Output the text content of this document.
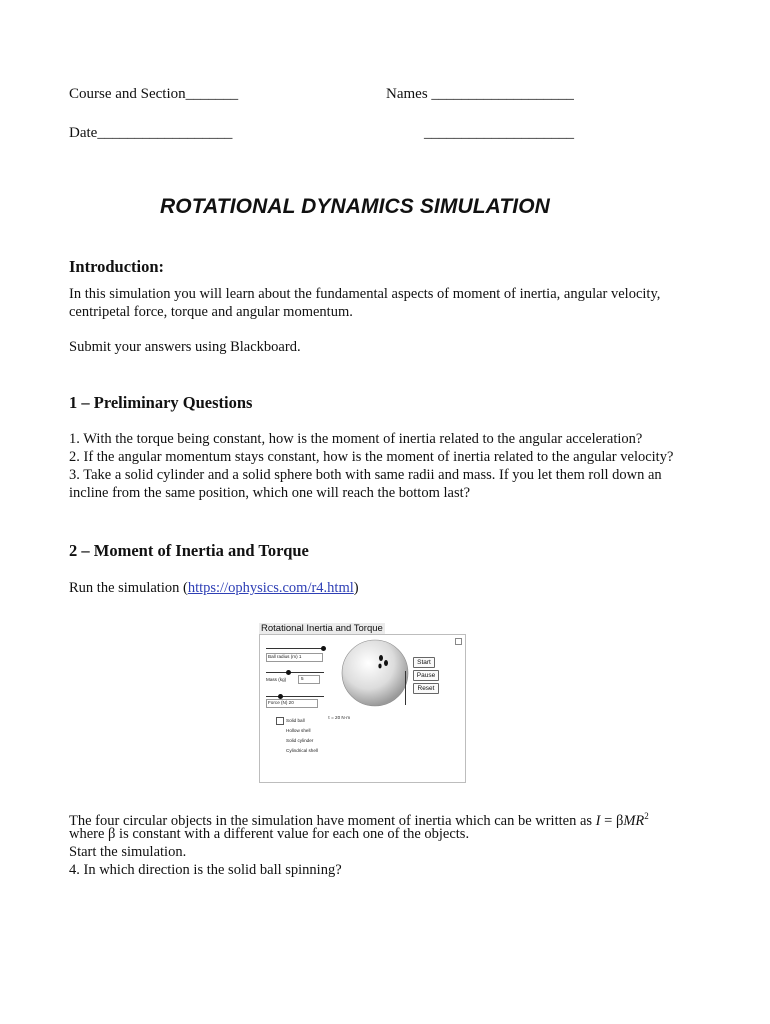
Course and Section_______	Names ___________________
Date__________________	____________________
ROTATIONAL DYNAMICS SIMULATION
Introduction:
In this simulation you will learn about the fundamental aspects of moment of inertia, angular velocity,
centripetal force, torque and angular momentum.
Submit your answers using Blackboard.
1 – Preliminary Questions
1. With the torque being constant, how is the moment of inertia related to the angular acceleration?
2. If the angular momentum stays constant, how is the moment of inertia related to the angular velocity?
3. Take a solid cylinder and a solid sphere both with same radii and mass. If you let them roll down an
incline from the same position, which one will reach the bottom last?
2 – Moment of Inertia and Torque
Run the simulation (https://ophysics.com/r4.html)
Rotational Inertia and Torque
Ball radius (m) 1
Mass (kg)	5
Force (N) 20
Solid ball
Hollow shell
Solid cylinder
Cylindrical shell
τ = 20 N·m
Start
Pause
Reset
The four circular objects in the simulation have moment of inertia which can be written as I = βMR$^2$
where β is constant with a different value for each one of the objects.
Start the simulation.
4. In which direction is the solid ball spinning?
